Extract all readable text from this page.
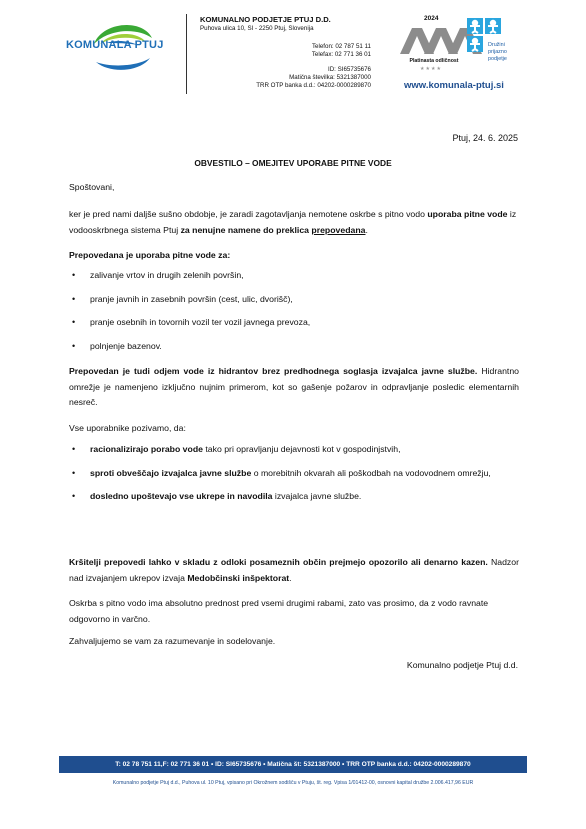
KOMUNALA PTUJ
KOMUNALNO PODJETJE PTUJ D.D.
Puhova ulica 10, SI - 2250 Ptuj, Slovenija
Telefon: 02 787 51 11
Telefax: 02 771 36 01
ID: SI65735676
Matična številka: 5321387000
TRR OTP banka d.d.: 04202-0000289870
2024
Platinasta odličnost
★★★★
Družini
prijazno
podjetje
www.komunala-ptuj.si
Ptuj, 24. 6. 2025
OBVESTILO – OMEJITEV UPORABE PITNE VODE
Spoštovani,
ker je pred nami daljše sušno obdobje, je zaradi zagotavljanja nemotene oskrbe s pitno vodo uporaba pitne vode iz vodooskrbnega sistema Ptuj za nenujne namene do preklica prepovedana.
Prepovedana je uporaba pitne vode za:
• zalivanje vrtov in drugih zelenih površin,
• pranje javnih in zasebnih površin (cest, ulic, dvorišč),
• pranje osebnih in tovornih vozil ter vozil javnega prevoza,
• polnjenje bazenov.
Prepovedan je tudi odjem vode iz hidrantov brez predhodnega soglasja izvajalca javne službe. Hidrantno omrežje je namenjeno izključno nujnim primerom, kot so gašenje požarov in odpravljanje posledic elementarnih nesreč.
Vse uporabnike pozivamo, da:
• racionalizirajo porabo vode tako pri opravljanju dejavnosti kot v gospodinjstvih,
• sproti obveščajo izvajalca javne službe o morebitnih okvarah ali poškodbah na vodovodnem omrežju,
• dosledno upoštevajo vse ukrepe in navodila izvajalca javne službe.
Kršitelji prepovedi lahko v skladu z odloki posameznih občin prejmejo opozorilo ali denarno kazen. Nadzor nad izvajanjem ukrepov izvaja Medobčinski inšpektorat.
Oskrba s pitno vodo ima absolutno prednost pred vsemi drugimi rabami, zato vas prosimo, da z vodo ravnate odgovorno in varčno.
Zahvaljujemo se vam za razumevanje in sodelovanje.
Komunalno podjetje Ptuj d.d.
T: 02 78 751 11,F: 02 771 36 01 • ID: SI65735676 • Matična št: 5321387000 • TRR OTP banka d.d.: 04202-0000289870
Komunalno podjetje Ptuj d.d., Puhova ul. 10 Ptuj, vpisano pri Okrožnem sodišču v Ptuju, št. reg. Vpisa 1/01412-00, osnovni kapital družbe 2.006.417,96 EUR
